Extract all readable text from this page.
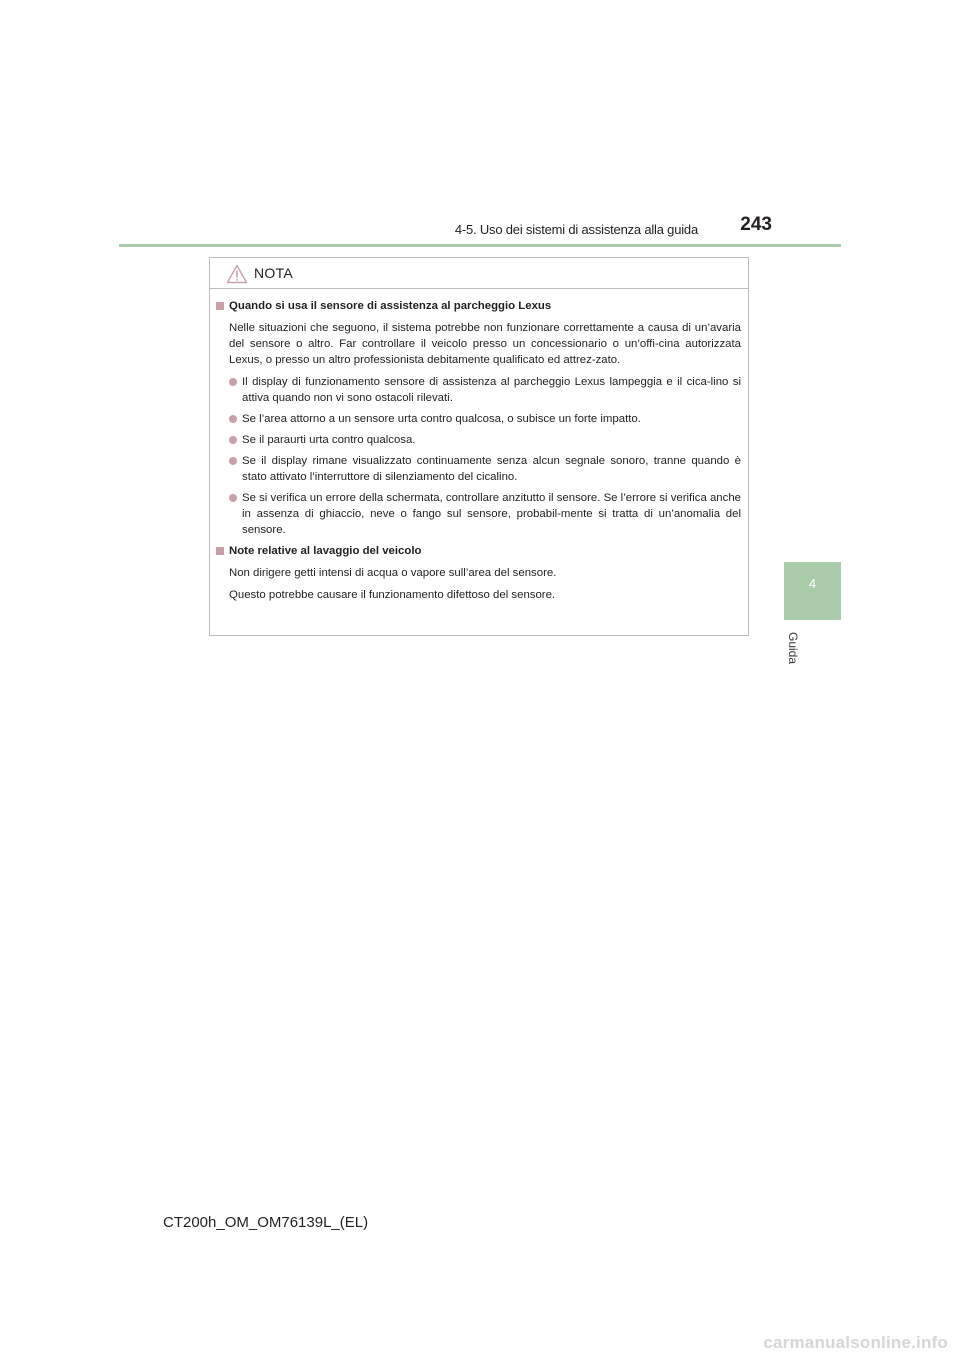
4-5. Uso dei sistemi di assistenza alla guida 243
4
Guida
NOTA
Quando si usa il sensore di assistenza al parcheggio Lexus
Nelle situazioni che seguono, il sistema potrebbe non funzionare correttamente a causa di un’avaria del sensore o altro. Far controllare il veicolo presso un concessionario o un’offi-cina autorizzata Lexus, o presso un altro professionista debitamente qualificato ed attrez-zato.
Il display di funzionamento sensore di assistenza al parcheggio Lexus lampeggia e il cica-lino si attiva quando non vi sono ostacoli rilevati.
Se l’area attorno a un sensore urta contro qualcosa, o subisce un forte impatto.
Se il paraurti urta contro qualcosa.
Se il display rimane visualizzato continuamente senza alcun segnale sonoro, tranne quando è stato attivato l’interruttore di silenziamento del cicalino.
Se si verifica un errore della schermata, controllare anzitutto il sensore. Se l’errore si verifica anche in assenza di ghiaccio, neve o fango sul sensore, probabil-mente si tratta di un’anomalia del sensore.
Note relative al lavaggio del veicolo
Non dirigere getti intensi di acqua o vapore sull’area del sensore.
Questo potrebbe causare il funzionamento difettoso del sensore.
CT200h_OM_OM76139L_(EL)
carmanualsonline.info
